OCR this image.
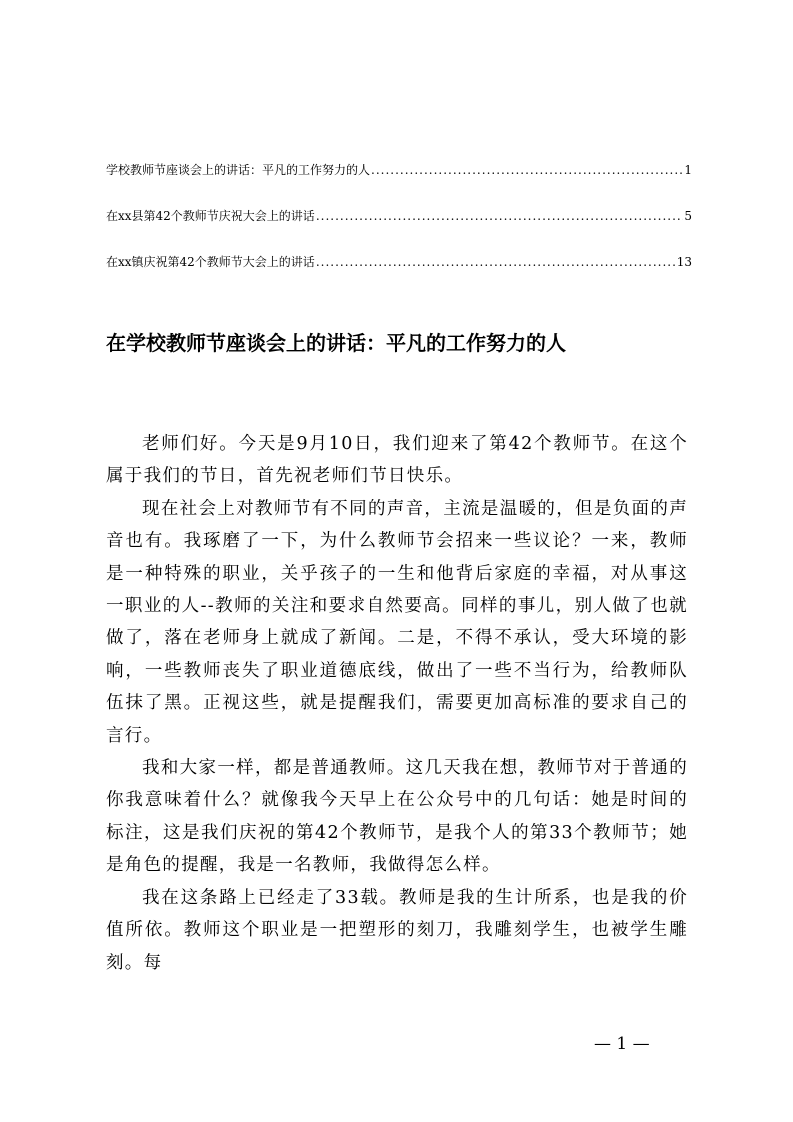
学校教师节座谈会上的讲话：平凡的工作努力的人 .....	1
在xx县第42个教师节庆祝大会上的讲话 .....	5
在xx镇庆祝第42个教师节大会上的讲话 .....	13
在学校教师节座谈会上的讲话：平凡的工作努力的人

老师们好。今天是9月10日，我们迎来了第42个教师节。在这个属于我们的节日，首先祝老师们节日快乐。

现在社会上对教师节有不同的声音，主流是温暖的，但是负面的声音也有。我琢磨了一下，为什么教师节会招来一些议论？一来，教师是一种特殊的职业，关乎孩子的一生和他背后家庭的幸福，对从事这一职业的人--教师的关注和要求自然要高。同样的事儿，别人做了也就做了，落在老师身上就成了新闻。二是，不得不承认，受大环境的影响，一些教师丧失了职业道德底线，做出了一些不当行为，给教师队伍抹了黑。正视这些，就是提醒我们，需要更加高标准的要求自己的言行。

我和大家一样，都是普通教师。这几天我在想，教师节对于普通的你我意味着什么？就像我今天早上在公众号中的几句话：她是时间的标注，这是我们庆祝的第42个教师节，是我个人的第33个教师节；她是角色的提醒，我是一名教师，我做得怎么样。

我在这条路上已经走了33载。教师是我的生计所系，也是我的价值所依。教师这个职业是一把塑形的刻刀，我雕刻学生，也被学生雕刻。每

— 1 —
